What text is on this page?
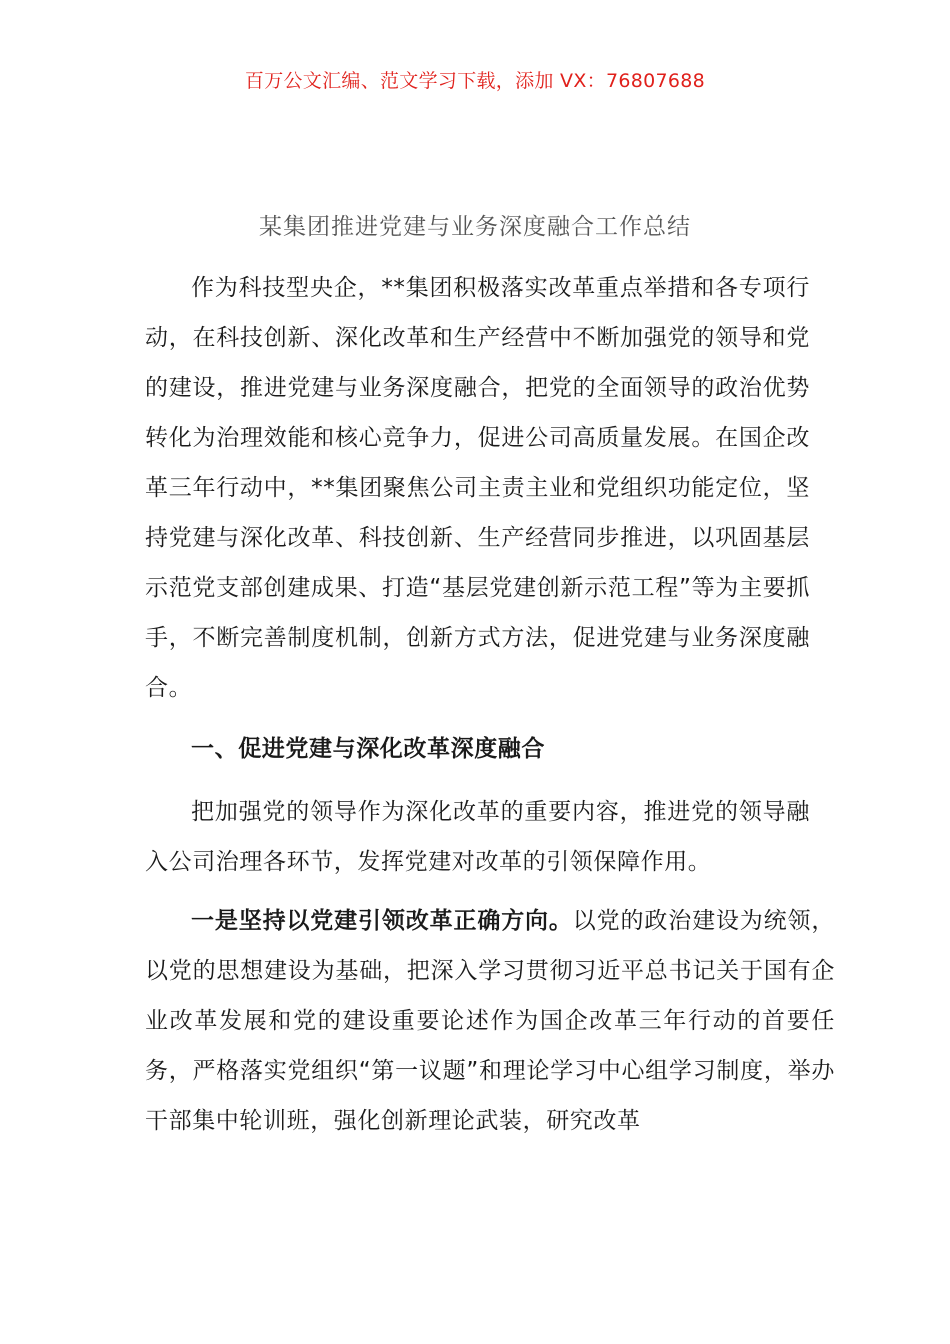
百万公文汇编、范文学习下载，添加 VX：76807688
某集团推进党建与业务深度融合工作总结

作为科技型央企，**集团积极落实改革重点举措和各专项行动，在科技创新、深化改革和生产经营中不断加强党的领导和党的建设，推进党建与业务深度融合，把党的全面领导的政治优势转化为治理效能和核心竞争力，促进公司高质量发展。在国企改革三年行动中，**集团聚焦公司主责主业和党组织功能定位，坚持党建与深化改革、科技创新、生产经营同步推进，以巩固基层示范党支部创建成果、打造“基层党建创新示范工程”等为主要抓手，不断完善制度机制，创新方式方法，促进党建与业务深度融合。

一、促进党建与深化改革深度融合

把加强党的领导作为深化改革的重要内容，推进党的领导融入公司治理各环节，发挥党建对改革的引领保障作用。

一是坚持以党建引领改革正确方向。以党的政治建设为统领，以党的思想建设为基础，把深入学习贯彻习近平总书记关于国有企业改革发展和党的建设重要论述作为国企改革三年行动的首要任务，严格落实党组织“第一议题”和理论学习中心组学习制度，举办干部集中轮训班，强化创新理论武装，研究改革
